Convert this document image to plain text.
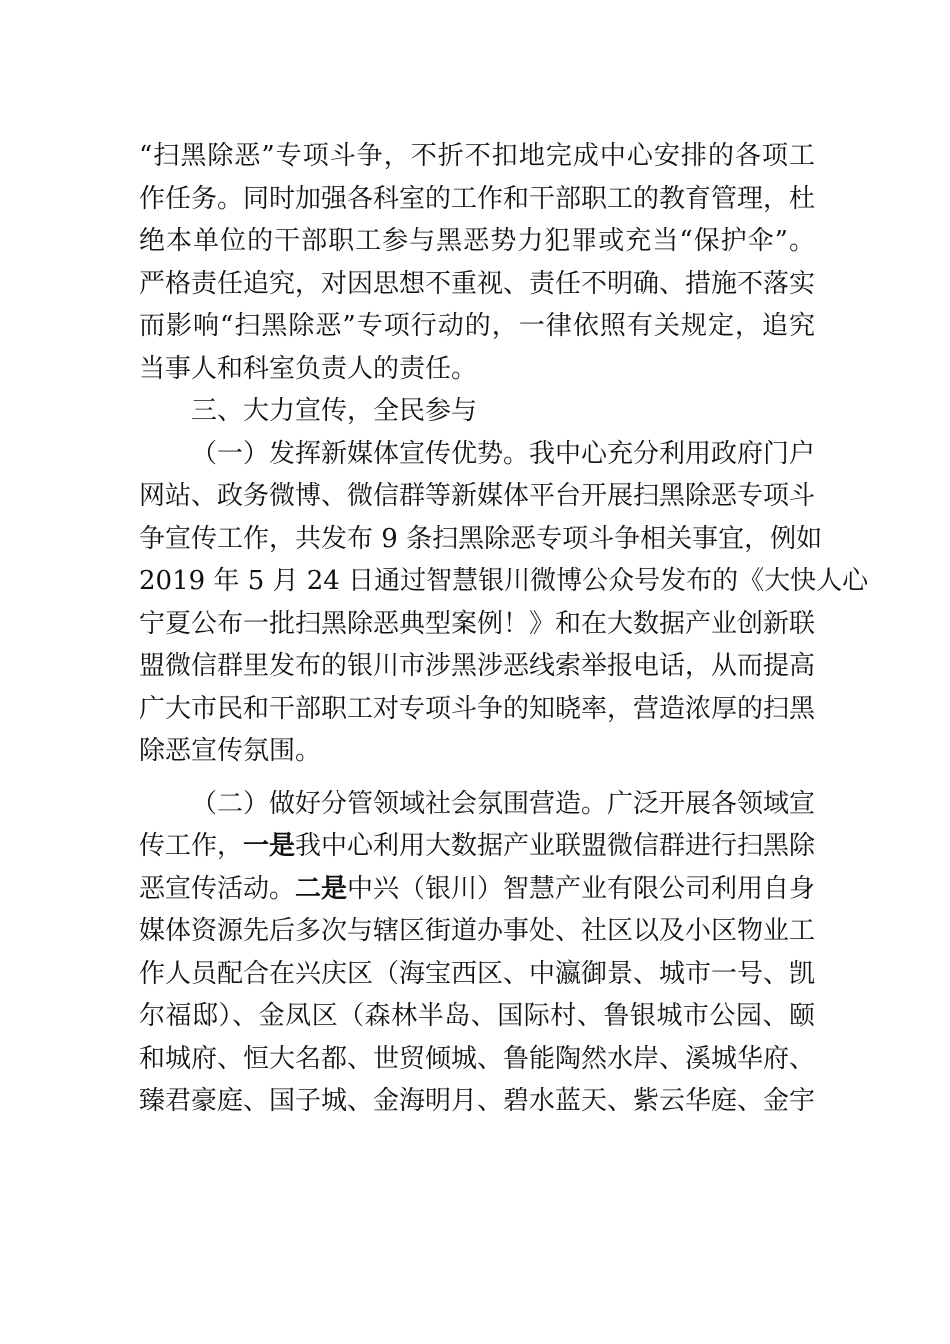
“扫黑除恶”专项斗争，不折不扣地完成中心安排的各项工
作任务。同时加强各科室的工作和干部职工的教育管理，杜
绝本单位的干部职工参与黑恶势力犯罪或充当“保护伞”。
严格责任追究，对因思想不重视、责任不明确、措施不落实
而影响“扫黑除恶”专项行动的，一律依照有关规定，追究
当事人和科室负责人的责任。
三、大力宣传，全民参与
（一）发挥新媒体宣传优势。我中心充分利用政府门户
网站、政务微博、微信群等新媒体平台开展扫黑除恶专项斗
争宣传工作，共发布 9 条扫黑除恶专项斗争相关事宜，例如
2019 年 5 月 24 日通过智慧银川微博公众号发布的《大快人心
宁夏公布一批扫黑除恶典型案例！》和在大数据产业创新联
盟微信群里发布的银川市涉黑涉恶线索举报电话，从而提高
广大市民和干部职工对专项斗争的知晓率，营造浓厚的扫黑
除恶宣传氛围。
（二）做好分管领域社会氛围营造。广泛开展各领域宣
传工作，一是我中心利用大数据产业联盟微信群进行扫黑除
恶宣传活动。二是中兴（银川）智慧产业有限公司利用自身
媒体资源先后多次与辖区街道办事处、社区以及小区物业工
作人员配合在兴庆区（海宝西区、中瀛御景、城市一号、凯
尔福邸）、金凤区（森林半岛、国际村、鲁银城市公园、颐
和城府、恒大名都、世贸倾城、鲁能陶然水岸、溪城华府、
臻君豪庭、国子城、金海明月、碧水蓝天、紫云华庭、金宇
